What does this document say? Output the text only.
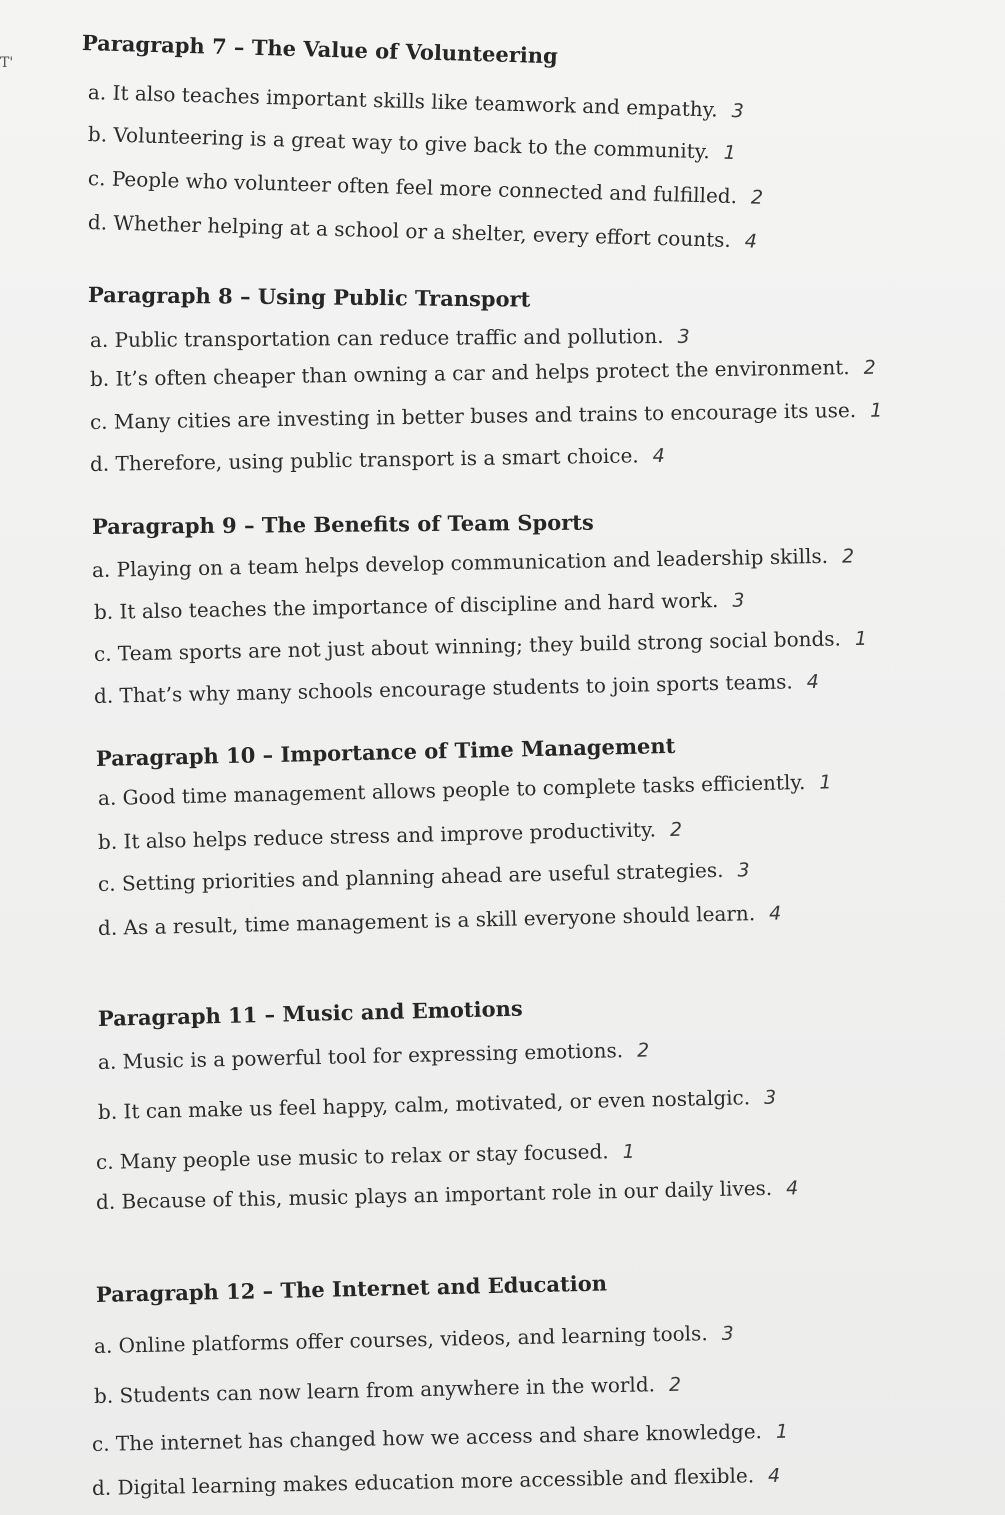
T'	Paragraph 7 – The Value of Volunteering
a. It also teaches important skills like teamwork and empathy. 3
b. Volunteering is a great way to give back to the community. 1
c. People who volunteer often feel more connected and fulfilled. 2
d. Whether helping at a school or a shelter, every effort counts. 4
Paragraph 8 – Using Public Transport
a. Public transportation can reduce traffic and pollution. 3
b. It’s often cheaper than owning a car and helps protect the environment. 2
c. Many cities are investing in better buses and trains to encourage its use. 1
d. Therefore, using public transport is a smart choice. 4
Paragraph 9 – The Benefits of Team Sports
a. Playing on a team helps develop communication and leadership skills. 2
b. It also teaches the importance of discipline and hard work. 3
c. Team sports are not just about winning; they build strong social bonds. 1
d. That’s why many schools encourage students to join sports teams. 4
Paragraph 10 – Importance of Time Management
a. Good time management allows people to complete tasks efficiently. 1
b. It also helps reduce stress and improve productivity. 2
c. Setting priorities and planning ahead are useful strategies. 3
d. As a result, time management is a skill everyone should learn. 4
Paragraph 11 – Music and Emotions
a. Music is a powerful tool for expressing emotions. 2
b. It can make us feel happy, calm, motivated, or even nostalgic. 3
c. Many people use music to relax or stay focused. 1
d. Because of this, music plays an important role in our daily lives. 4
Paragraph 12 – The Internet and Education
a. Online platforms offer courses, videos, and learning tools. 3
b. Students can now learn from anywhere in the world. 2
c. The internet has changed how we access and share knowledge. 1
d. Digital learning makes education more accessible and flexible. 4
